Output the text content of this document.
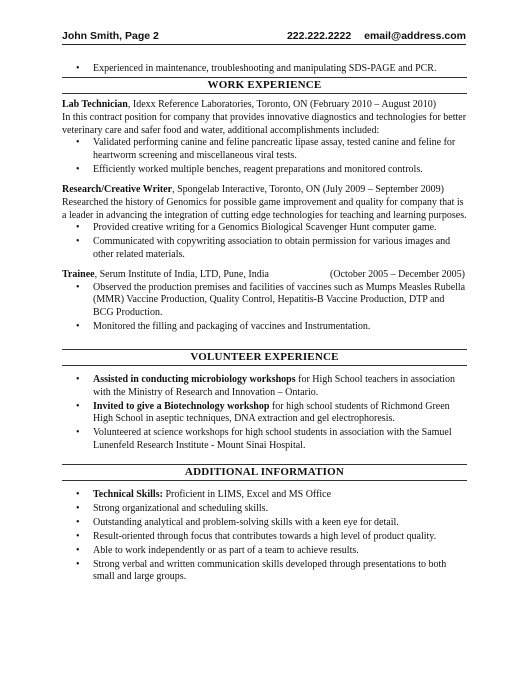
John Smith, Page 2	222.222.2222 email@address.com
• Experienced in maintenance, troubleshooting and manipulating SDS-PAGE and PCR.
WORK EXPERIENCE

Lab Technician, Idexx Reference Laboratories, Toronto, ON (February 2010 – August 2010)

In this contract position for company that provides innovative diagnostics and technologies for better veterinary care and safer food and water, additional accomplishments included:

• Validated performing canine and feline pancreatic lipase assay, tested canine and feline for heartworm screening and miscellaneous viral tests.
• Efficiently worked multiple benches, reagent preparations and monitored controls.

Research/Creative Writer, Spongelab Interactive, Toronto, ON (July 2009 – September 2009)

Researched the history of Genomics for possible game improvement and quality for company that is a leader in advancing the integration of cutting edge technologies for teaching and learning purposes.

• Provided creative writing for a Genomics Biological Scavenger Hunt computer game.
• Communicated with copywriting association to obtain permission for various images and other related materials.

Trainee, Serum Institute of India, LTD, Pune, India	(October 2005 – December 2005)

• Observed the production premises and facilities of vaccines such as Mumps Measles Rubella (MMR) Vaccine Production, Quality Control, Hepatitis-B Vaccine Production, DTP and BCG Production.
• Monitored the filling and packaging of vaccines and Instrumentation.
VOLUNTEER EXPERIENCE
• Assisted in conducting microbiology workshops for High School teachers in association with the Ministry of Research and Innovation – Ontario.
• Invited to give a Biotechnology workshop for high school students of Richmond Green High School in aseptic techniques, DNA extraction and gel electrophoresis.
• Volunteered at science workshops for high school students in association with the Samuel Lunenfeld Research Institute - Mount Sinai Hospital.
ADDITIONAL INFORMATION
• Technical Skills: Proficient in LIMS, Excel and MS Office
• Strong organizational and scheduling skills.
• Outstanding analytical and problem-solving skills with a keen eye for detail.
• Result-oriented through focus that contributes towards a high level of product quality.
• Able to work independently or as part of a team to achieve results.
• Strong verbal and written communication skills developed through presentations to both small and large groups.
